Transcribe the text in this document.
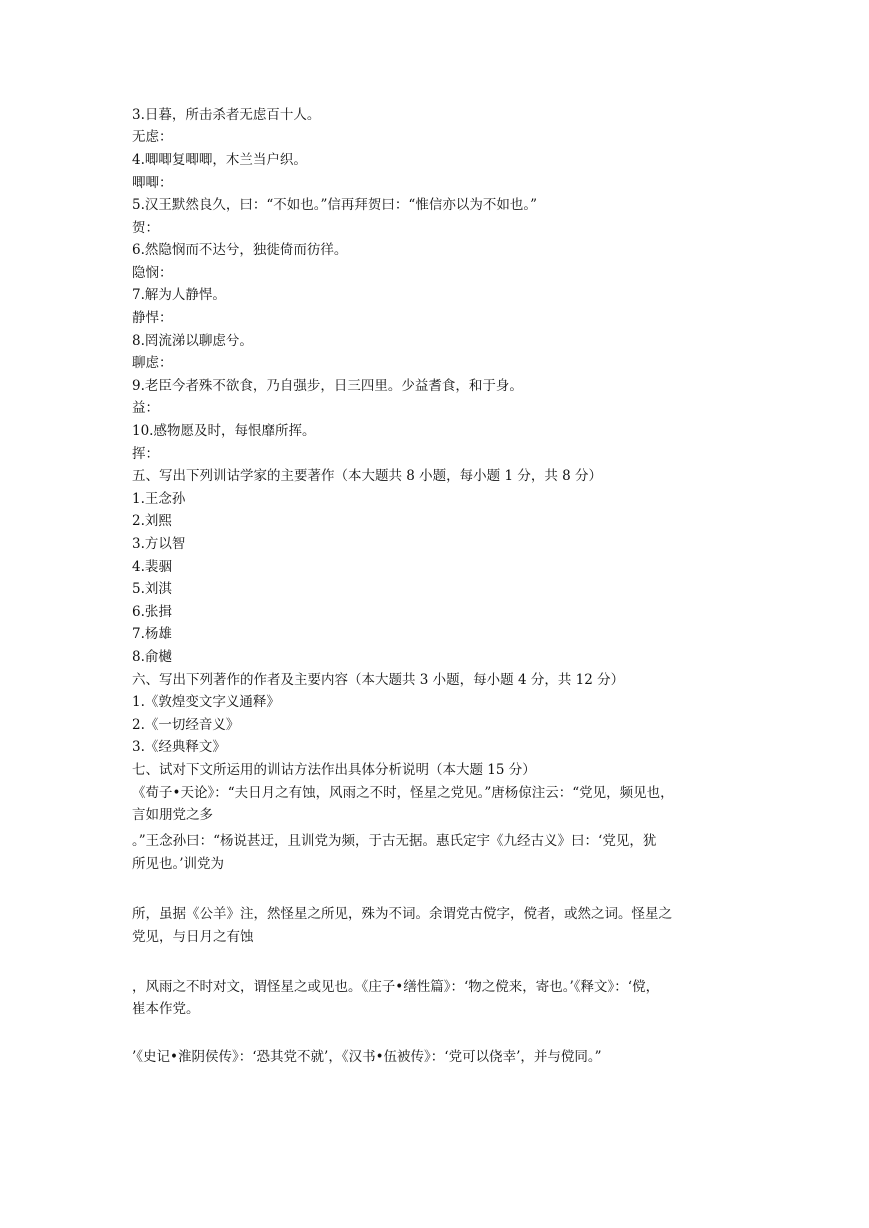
3.日暮，所击杀者无虑百十人。
无虑：
4.唧唧复唧唧，木兰当户织。
唧唧：
5.汉王默然良久，曰：“不如也。”信再拜贺曰：“惟信亦以为不如也。”
贺：
6.然隐悯而不达兮，独徙倚而彷徉。
隐悯：
7.解为人静悍。
静悍：
8.罔流涕以聊虑兮。
聊虑：
9.老臣今者殊不欲食，乃自强步，日三四里。少益耆食，和于身。
益：
10.感物愿及时，每恨靡所挥。
挥：
五、写出下列训诂学家的主要著作（本大题共 8 小题，每小题 1 分，共 8 分）
1.王念孙
2.刘熙
3.方以智
4.裴骃
5.刘淇
6.张揖
7.杨雄
8.俞樾
六、写出下列著作的作者及主要内容（本大题共 3 小题，每小题 4 分，共 12 分）
1.《敦煌变文字义通释》
2.《一切经音义》
3.《经典释文》
七、试对下文所运用的训诂方法作出具体分析说明（本大题 15 分）
《荀子•天论》：“夫日月之有蚀，风雨之不时，怪星之党见。”唐杨倞注云：“党见，频见也，
言如朋党之多
。”王念孙曰：“杨说甚迂，且训党为频，于古无据。惠氏定宇《九经古义》曰：‘党见，犹
所见也。’训党为
所，虽据《公羊》注，然怪星之所见，殊为不词。余谓党古傥字，傥者，或然之词。怪星之
党见，与日月之有蚀
，风雨之不时对文，谓怪星之或见也。《庄子•缮性篇》：‘物之傥来，寄也。’《释文》：‘傥，
崔本作党。
’《史记•淮阴侯传》：‘恐其党不就’，《汉书•伍被传》：‘党可以侥幸’，并与傥同。”
